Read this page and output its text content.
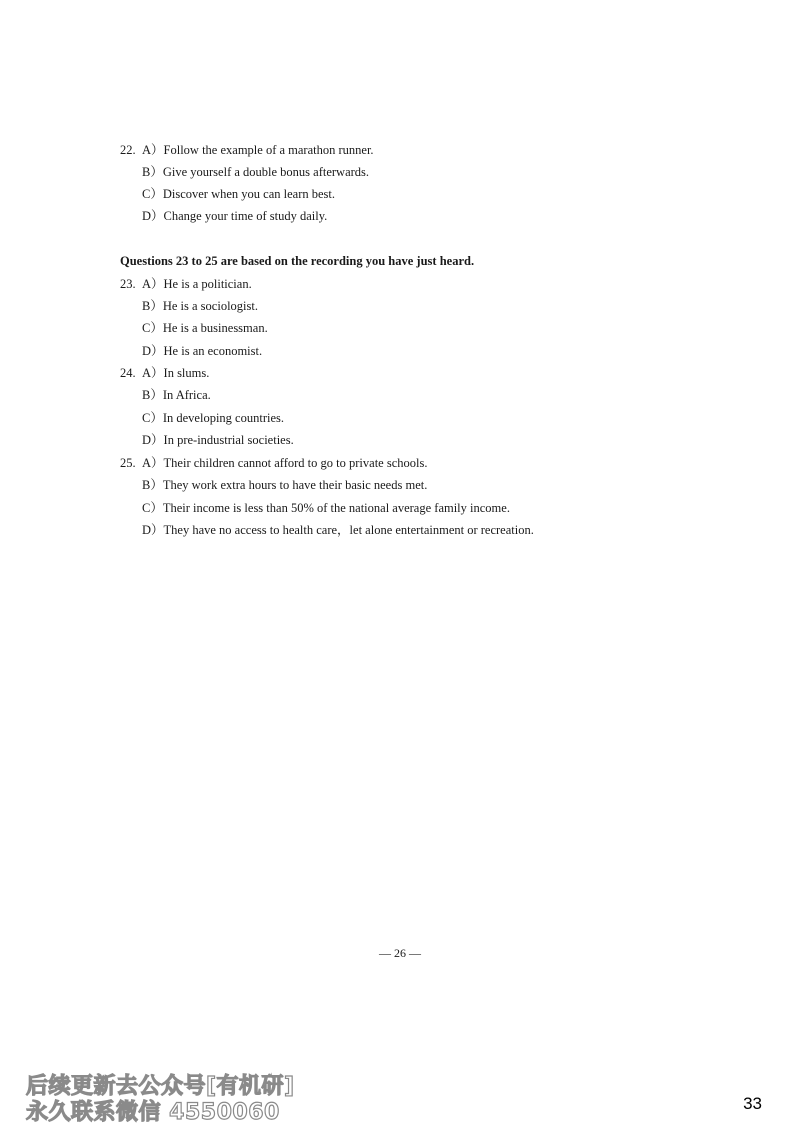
22. A）Follow the example of a marathon runner.
B）Give yourself a double bonus afterwards.
C）Discover when you can learn best.
D）Change your time of study daily.
Questions 23 to 25 are based on the recording you have just heard.
23. A）He is a politician.
B）He is a sociologist.
C）He is a businessman.
D）He is an economist.
24. A）In slums.
B）In Africa.
C）In developing countries.
D）In pre-industrial societies.
25. A）Their children cannot afford to go to private schools.
B）They work extra hours to have their basic needs met.
C）Their income is less than 50% of the national average family income.
D）They have no access to health care，let alone entertainment or recreation.
— 26 —
后续更新去公众号[有机研]
永久联系微信 4550060	33
